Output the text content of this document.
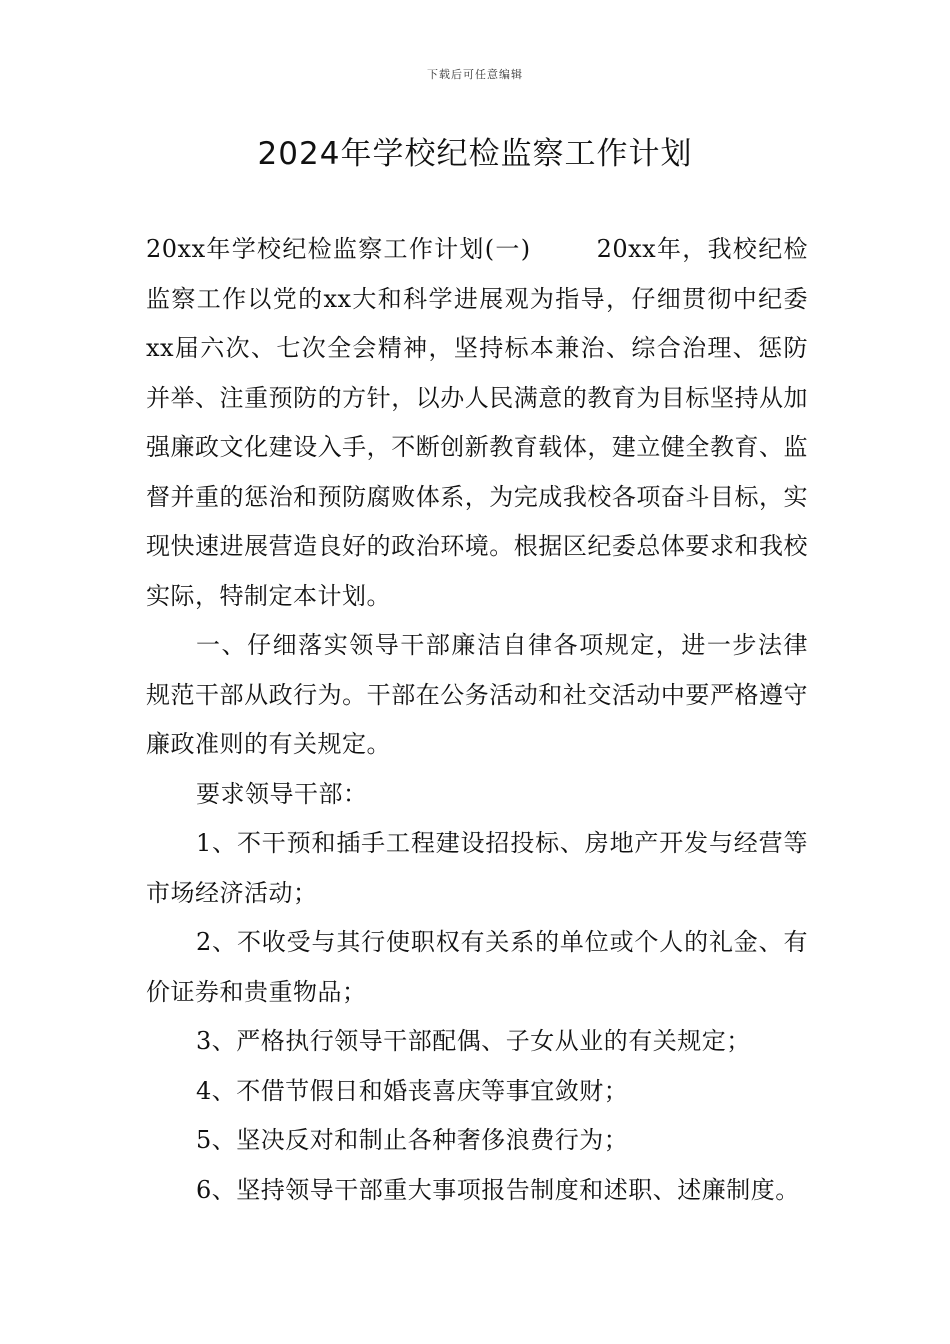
下载后可任意编辑
2024年学校纪检监察工作计划

20xx年学校纪检监察工作计划(一)	20xx年，我校纪检监察工作以党的xx大和科学进展观为指导，仔细贯彻中纪委xx届六次、七次全会精神，坚持标本兼治、综合治理、惩防并举、注重预防的方针，以办人民满意的教育为目标坚持从加强廉政文化建设入手，不断创新教育载体，建立健全教育、监督并重的惩治和预防腐败体系，为完成我校各项奋斗目标，实现快速进展营造良好的政治环境。根据区纪委总体要求和我校实际，特制定本计划。

一、仔细落实领导干部廉洁自律各项规定，进一步法律规范干部从政行为。干部在公务活动和社交活动中要严格遵守廉政准则的有关规定。

要求领导干部：

1、不干预和插手工程建设招投标、房地产开发与经营等市场经济活动；

2、不收受与其行使职权有关系的单位或个人的礼金、有价证券和贵重物品；

3、严格执行领导干部配偶、子女从业的有关规定；

4、不借节假日和婚丧喜庆等事宜敛财；

5、坚决反对和制止各种奢侈浪费行为；

6、坚持领导干部重大事项报告制度和述职、述廉制度。
